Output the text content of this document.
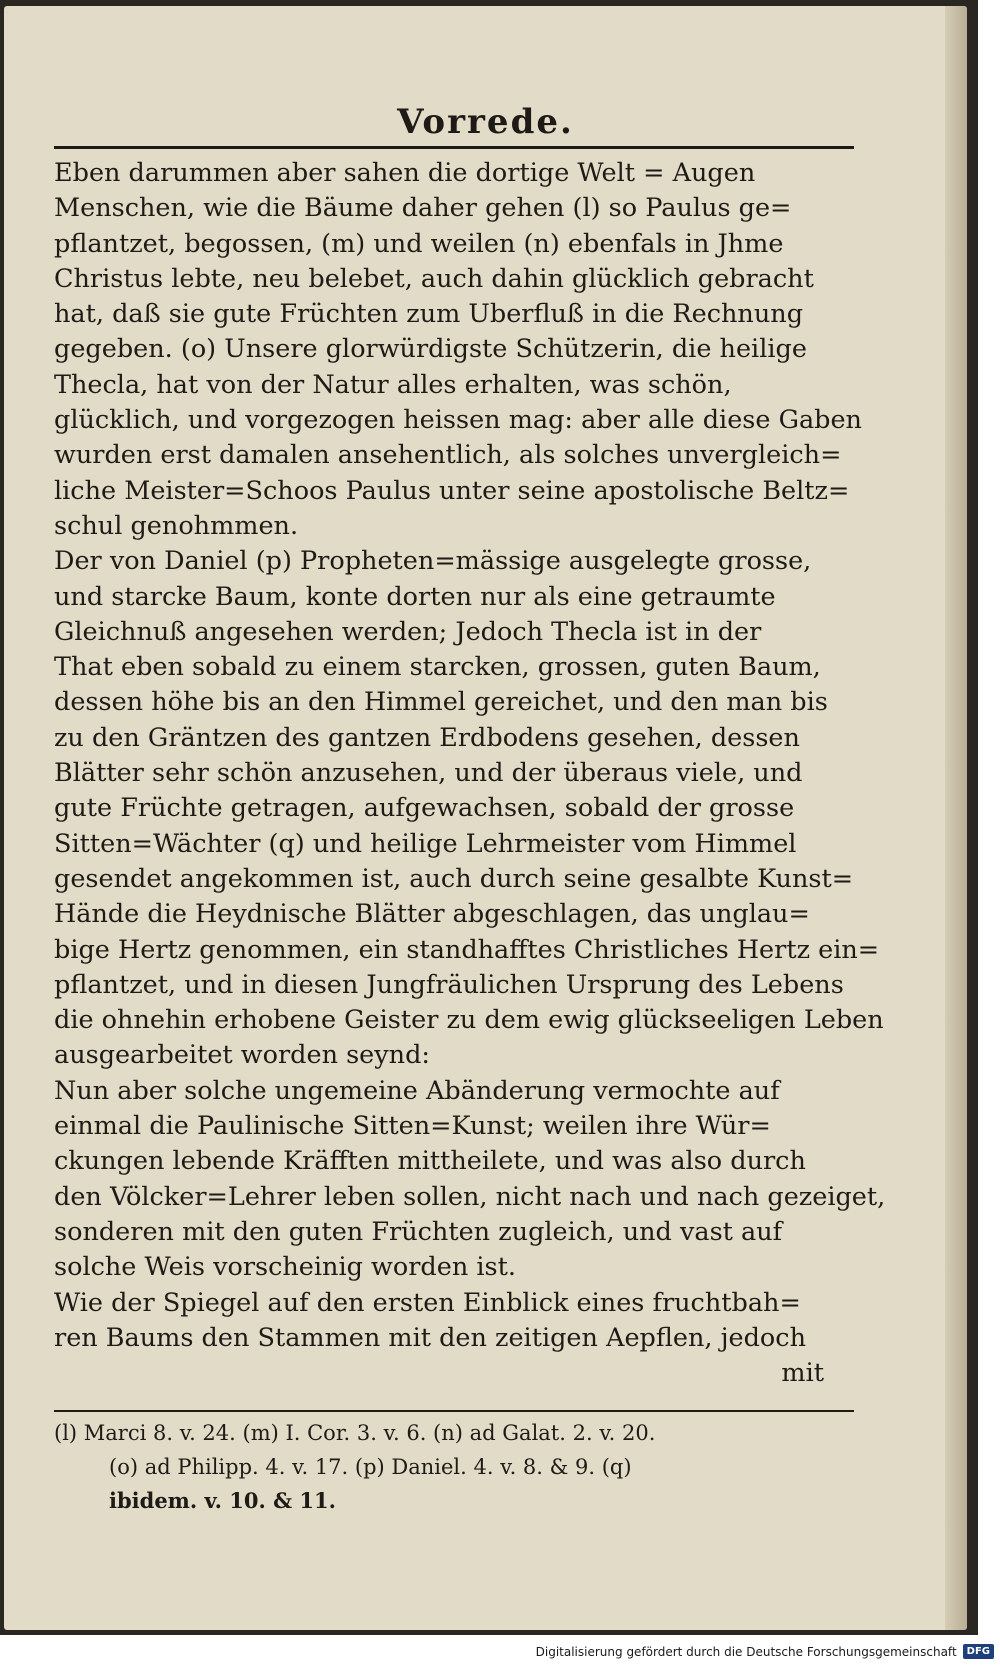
Vorrede.
Eben darummen aber sahen die dortige Welt = Augen
Menschen, wie die Bäume daher gehen (l) so Paulus ge=
pflantzet, begossen, (m) und weilen (n) ebenfals in Jhme
Christus lebte, neu belebet, auch dahin glücklich gebracht
hat, daß sie gute Früchten zum Uberfluß in die Rechnung
gegeben. (o) Unsere glorwürdigste Schützerin, die heilige
Thecla, hat von der Natur alles erhalten, was schön,
glücklich, und vorgezogen heissen mag: aber alle diese Gaben
wurden erst damalen ansehentlich, als solches unvergleich=
liche Meister=Schoos Paulus unter seine apostolische Beltz=
schul genohmmen.
Der von Daniel (p) Propheten=mässige ausgelegte grosse,
und starcke Baum, konte dorten nur als eine getraumte
Gleichnuß angesehen werden; Jedoch Thecla ist in der
That eben sobald zu einem starcken, grossen, guten Baum,
dessen höhe bis an den Himmel gereichet, und den man bis
zu den Gräntzen des gantzen Erdbodens gesehen, dessen
Blätter sehr schön anzusehen, und der überaus viele, und
gute Früchte getragen, aufgewachsen, sobald der grosse
Sitten=Wächter (q) und heilige Lehrmeister vom Himmel
gesendet angekommen ist, auch durch seine gesalbte Kunst=
Hände die Heydnische Blätter abgeschlagen, das unglau=
bige Hertz genommen, ein standhafftes Christliches Hertz ein=
pflantzet, und in diesen Jungfräulichen Ursprung des Lebens
die ohnehin erhobene Geister zu dem ewig glückseeligen Leben
ausgearbeitet worden seynd:
Nun aber solche ungemeine Abänderung vermochte auf
einmal die Paulinische Sitten=Kunst; weilen ihre Wür=
ckungen lebende Kräfften mittheilete, und was also durch
den Völcker=Lehrer leben sollen, nicht nach und nach gezeiget,
sonderen mit den guten Früchten zugleich, und vast auf
solche Weis vorscheinig worden ist.
Wie der Spiegel auf den ersten Einblick eines fruchtbah=
ren Baums den Stammen mit den zeitigen Aepflen, jedoch
mit
(l) Marci 8. v. 24. (m) I. Cor. 3. v. 6. (n) ad Galat. 2. v. 20.
(o) ad Philipp. 4. v. 17. (p) Daniel. 4. v. 8. & 9. (q)
ibidem. v. 10. & 11.
Digitalisierung gefördert durch die Deutsche Forschungsgemeinschaft	DFG
